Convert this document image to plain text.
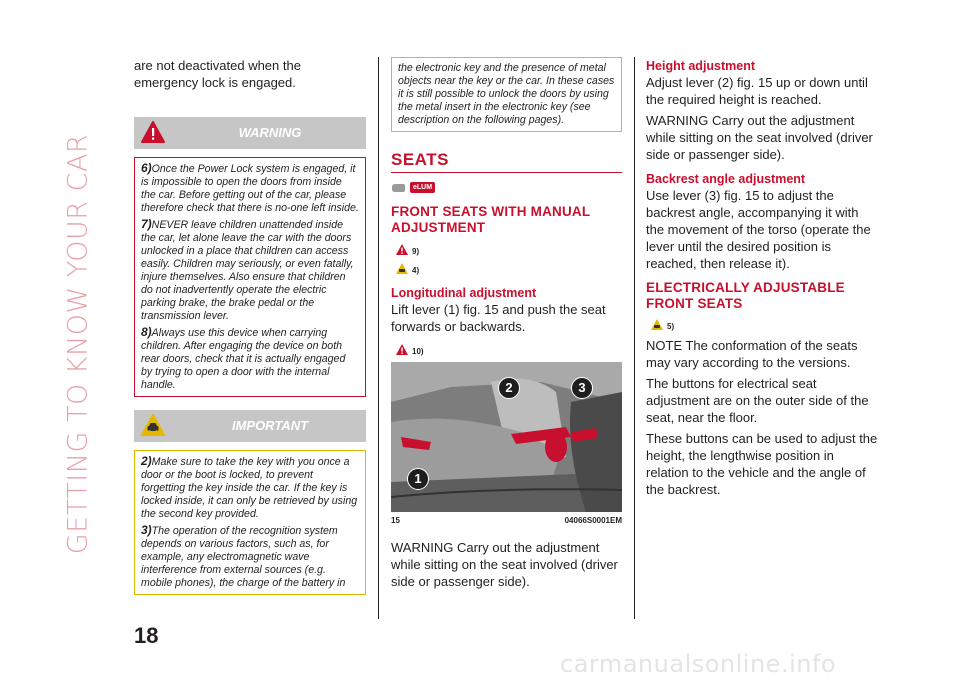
GETTING TO KNOW YOUR CAR

are not deactivated when the emergency lock is engaged.

WARNING

6)Once the Power Lock system is engaged, it is impossible to open the doors from inside the car. Before getting out of the car, please therefore check that there is no-one left inside.

7)NEVER leave children unattended inside the car, let alone leave the car with the doors unlocked in a place that children can access easily. Children may seriously, or even fatally, injure themselves. Also ensure that children do not inadvertently operate the electric parking brake, the brake pedal or the transmission lever.

8)Always use this device when carrying children. After engaging the device on both rear doors, check that it is actually engaged by trying to open a door with the internal handle.

IMPORTANT

2)Make sure to take the key with you once a door or the boot is locked, to prevent forgetting the key inside the car. If the key is locked inside, it can only be retrieved by using the second key provided.

3)The operation of the recognition system depends on various factors, such as, for example, any electromagnetic wave interference from external sources (e.g. mobile phones), the charge of the battery in

the electronic key and the presence of metal objects near the key or the car. In these cases it is still possible to unlock the doors by using the metal insert in the electronic key (see description on the following pages).

SEATS
eLUM

FRONT SEATS WITH MANUAL ADJUSTMENT

9)
4)

Longitudinal adjustment

Lift lever (1) fig. 15 and push the seat forwards or backwards.

10)
1
2	3
15	04066S0001EM

WARNING Carry out the adjustment while sitting on the seat involved (driver side or passenger side).

Height adjustment

Adjust lever (2) fig. 15 up or down until the required height is reached.

WARNING Carry out the adjustment while sitting on the seat involved (driver side or passenger side).

Backrest angle adjustment

Use lever (3) fig. 15 to adjust the backrest angle, accompanying it with the movement of the torso (operate the lever until the desired position is reached, then release it).

ELECTRICALLY ADJUSTABLE FRONT SEATS

5)

NOTE The conformation of the seats may vary according to the versions.

The buttons for electrical seat adjustment are on the outer side of the seat, near the floor.

These buttons can be used to adjust the height, the lengthwise position in relation to the vehicle and the angle of the backrest.

18
carmanualsonline.info
